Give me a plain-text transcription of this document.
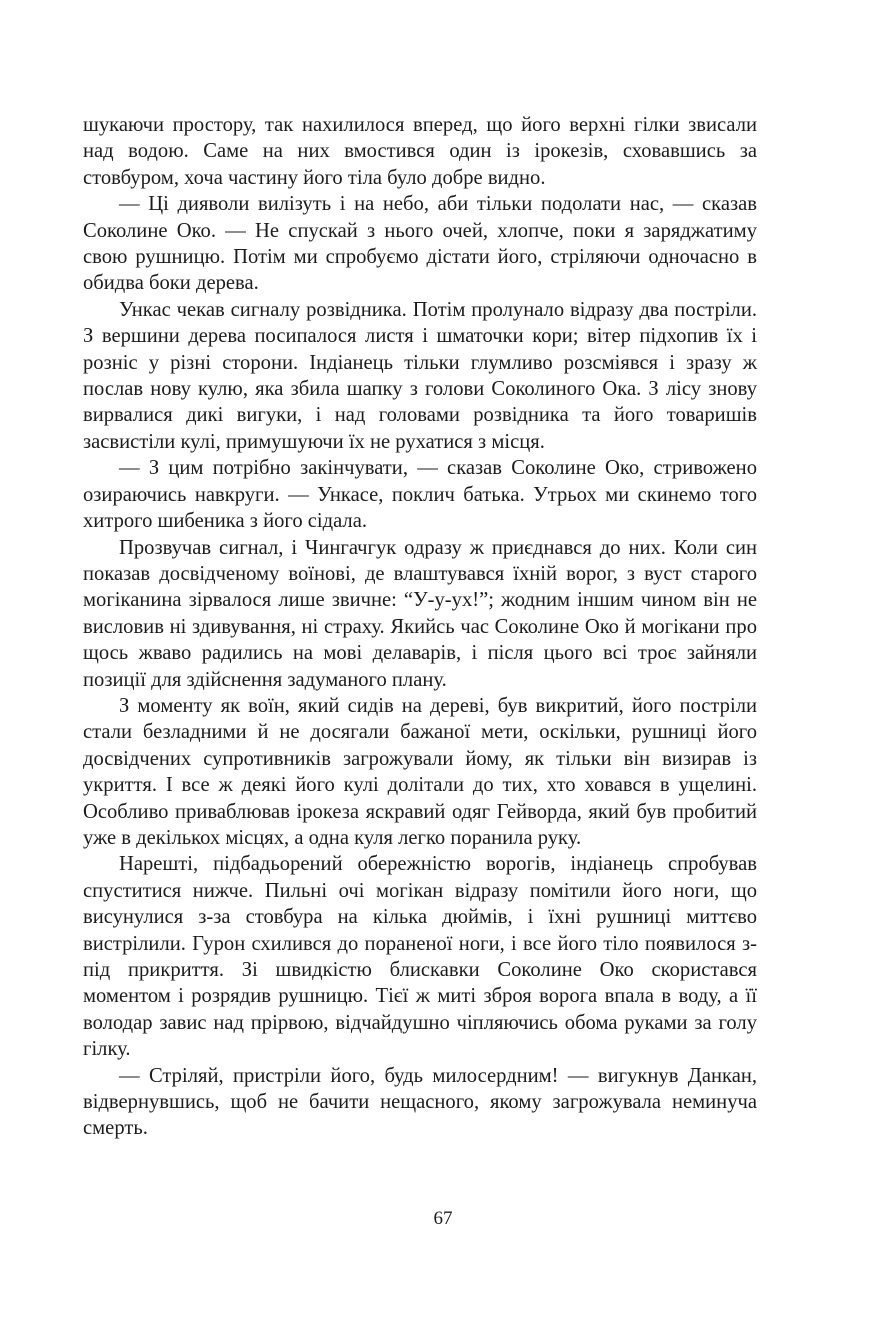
шукаючи простору, так нахилилося вперед, що його верхні гілки звисали над водою. Саме на них вмостився один із ірокезів, сховавшись за стовбуром, хоча частину його тіла було добре видно.

— Ці дияволи вилізуть і на небо, аби тільки подолати нас, — сказав Соколине Око. — Не спускай з нього очей, хлопче, поки я заряджатиму свою рушницю. Потім ми спробуємо дістати його, стріляючи одночасно в обидва боки дерева.

Ункас чекав сигналу розвідника. Потім пролунало відразу два постріли. З вершини дерева посипалося листя і шматочки кори; вітер підхопив їх і розніс у різні сторони. Індіанець тільки глумливо розсміявся і зразу ж послав нову кулю, яка збила шапку з голови Соколиного Ока. З лісу знову вирвалися дикі вигуки, і над головами розвідника та його товаришів засвистіли кулі, примушуючи їх не рухатися з місця.

— З цим потрібно закінчувати, — сказав Соколине Око, стривожено озираючись навкруги. — Ункасе, поклич батька. Утрьох ми скинемо того хитрого шибеника з його сідала.

Прозвучав сигнал, і Чингачгук одразу ж приєднався до них. Коли син показав досвідченому воїнові, де влаштувався їхній ворог, з вуст старого могіканина зірвалося лише звичне: “У-у-ух!”; жодним іншим чином він не висловив ні здивування, ні страху. Якийсь час Соколине Око й могікани про щось жваво радились на мові делаварів, і після цього всі троє зайняли позиції для здійснення задуманого плану.

З моменту як воїн, який сидів на дереві, був викритий, його постріли стали безладними й не досягали бажаної мети, оскільки, рушниці його досвідчених супротивників загрожували йому, як тільки він визирав із укриття. І все ж деякі його кулі долітали до тих, хто ховався в ущелині. Особливо приваблював ірокеза яскравий одяг Гейворда, який був пробитий уже в декількох місцях, а одна куля легко поранила руку.

Нарешті, підбадьорений обережністю ворогів, індіанець спробував спуститися нижче. Пильні очі могікан відразу помітили його ноги, що висунулися з-за стовбура на кілька дюймів, і їхні рушниці миттєво вистрілили. Гурон схилився до пораненої ноги, і все його тіло появилося з-під прикриття. Зі швидкістю блискавки Соколине Око скористався моментом і розрядив рушницю. Тієї ж миті зброя ворога впала в воду, а її володар завис над прірвою, відчайдушно чіпляючись обома руками за голу гілку.

— Стріляй, пристріли його, будь милосердним! — вигукнув Данкан, відвернувшись, щоб не бачити нещасного, якому загрожувала неминуча смерть.

67
